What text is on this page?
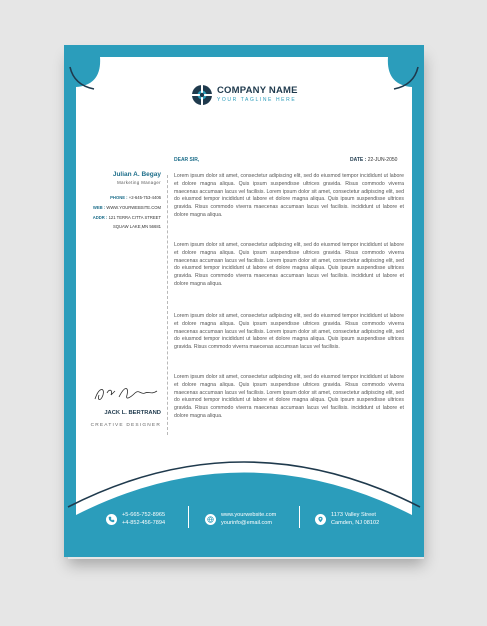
COMPANY NAME
YOUR TAGLINE HERE
DEAR SIR,	DATE : 22-JUN-2050
Julian A. Begay
Marketing Manager
PHONE : +2-645-753-4406
WEB : WWW.YOURWEBSITE.COM
ADDR : 121 TERRA CITTA STREET
SQUAW LAKE,MN 56681
Lorem ipsum dolor sit amet, consectetur adipiscing elit, sed do eiusmod tempor incididunt ut labore et dolore magna aliqua. Quis ipsum suspendisse ultrices gravida. Risus commodo viverra maecenas accumsan lacus vel facilisis. Lorem ipsum dolor sit amet, consectetur adipiscing elit, sed do eiusmod tempor incididunt ut labore et dolore magna aliqua. Quis ipsum suspendisse ultrices gravida. Risus commodo viverra maecenas accumsan lacus vel facilisis. incididunt ut labore et dolore magna aliqua.
Lorem ipsum dolor sit amet, consectetur adipiscing elit, sed do eiusmod tempor incididunt ut labore et dolore magna aliqua. Quis ipsum suspendisse ultrices gravida. Risus commodo viverra maecenas accumsan lacus vel facilisis. Lorem ipsum dolor sit amet, consectetur adipiscing elit, sed do eiusmod tempor incididunt ut labore et dolore magna aliqua. Quis ipsum suspendisse ultrices gravida. Risus commodo viverra maecenas accumsan lacus vel facilisis. incididunt ut labore et dolore magna aliqua.
Lorem ipsum dolor sit amet, consectetur adipiscing elit, sed do eiusmod tempor incididunt ut labore et dolore magna aliqua. Quis ipsum suspendisse ultrices gravida. Risus commodo viverra maecenas accumsan lacus vel facilisis. Lorem ipsum dolor sit amet, consectetur adipiscing elit, sed do eiusmod tempor incididunt ut labore et dolore magna aliqua. Quis ipsum suspendisse ultrices gravida. Risus commodo viverra maecenas accumsan lacus vel facilisis.
Lorem ipsum dolor sit amet, consectetur adipiscing elit, sed do eiusmod tempor incididunt ut labore et dolore magna aliqua. Quis ipsum suspendisse ultrices gravida. Risus commodo viverra maecenas accumsan lacus vel facilisis. Lorem ipsum dolor sit amet, consectetur adipiscing elit, sed do eiusmod tempor incididunt ut labore et dolore magna aliqua. Quis ipsum suspendisse ultrices gravida. Risus commodo viverra maecenas accumsan lacus vel facilisis. incididunt ut labore et dolore magna aliqua.
JACK L. BERTRAND
CREATIVE DESIGNER
+5-665-752-8965
+4-852-456-7894
www.yourwebsite.com
yourinfo@email.com
1173 Valley Street
Camden, NJ 08102
